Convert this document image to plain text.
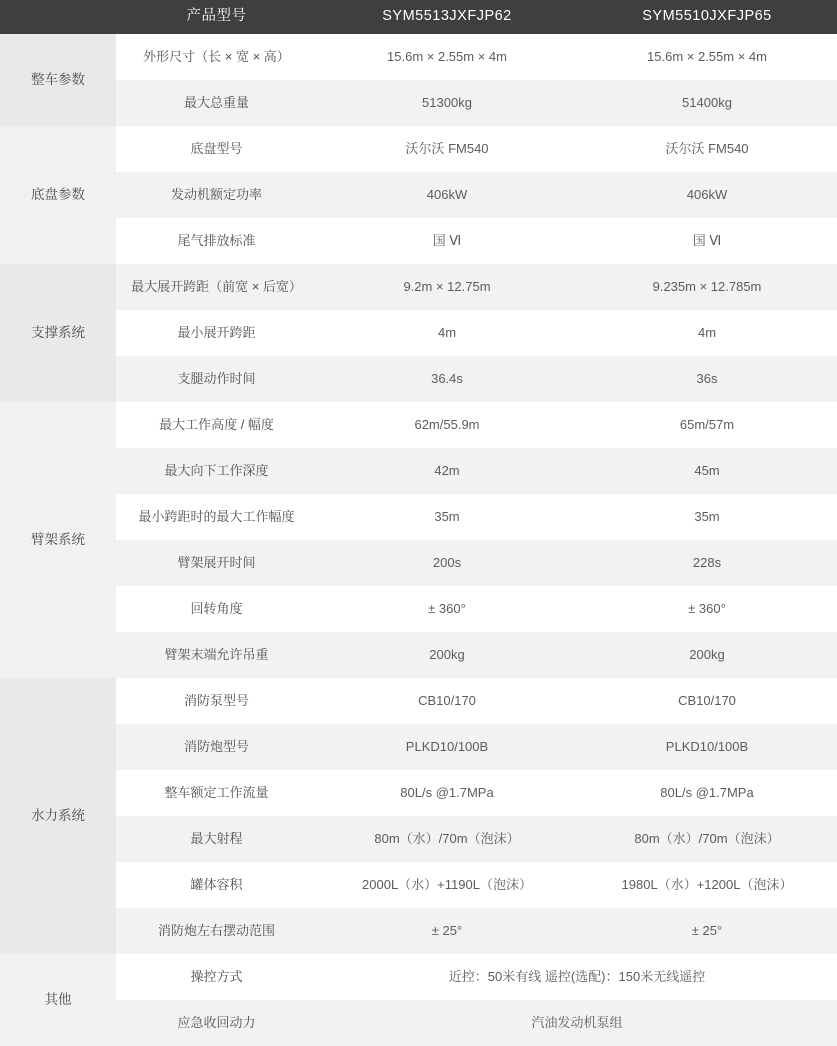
	产品型号	SYM5513JXFJP62	SYM5510JXFJP65
整车参数	外形尺寸（长 × 宽 × 高）	15.6m × 2.55m × 4m	15.6m × 2.55m × 4m
	最大总重量	51300kg	51400kg
底盘参数	底盘型号	沃尔沃 FM540	沃尔沃 FM540
	发动机额定功率	406kW	406kW
	尾气排放标准	国 Ⅵ	国 Ⅵ
支撑系统	最大展开跨距（前宽 × 后宽）	9.2m × 12.75m	9.235m × 12.785m
	最小展开跨距	4m	4m
	支腿动作时间	36.4s	36s
臂架系统	最大工作高度 / 幅度	62m/55.9m	65m/57m
	最大向下工作深度	42m	45m
	最小跨距时的最大工作幅度	35m	35m
	臂架展开时间	200s	228s
	回转角度	± 360°	± 360°
	臂架末端允许吊重	200kg	200kg
水力系统	消防泵型号	CB10/170	CB10/170
	消防炮型号	PLKD10/100B	PLKD10/100B
	整车额定工作流量	80L/s @1.7MPa	80L/s @1.7MPa
	最大射程	80m（水）/70m（泡沫）	80m（水）/70m（泡沫）
	罐体容积	2000L（水）+1190L（泡沫）	1980L（水）+1200L（泡沫）
	消防炮左右摆动范围	± 25°	± 25°
其他	操控方式	近控：50米有线 遥控(选配)：150米无线遥控	
	应急收回动力	汽油发动机泵组	
